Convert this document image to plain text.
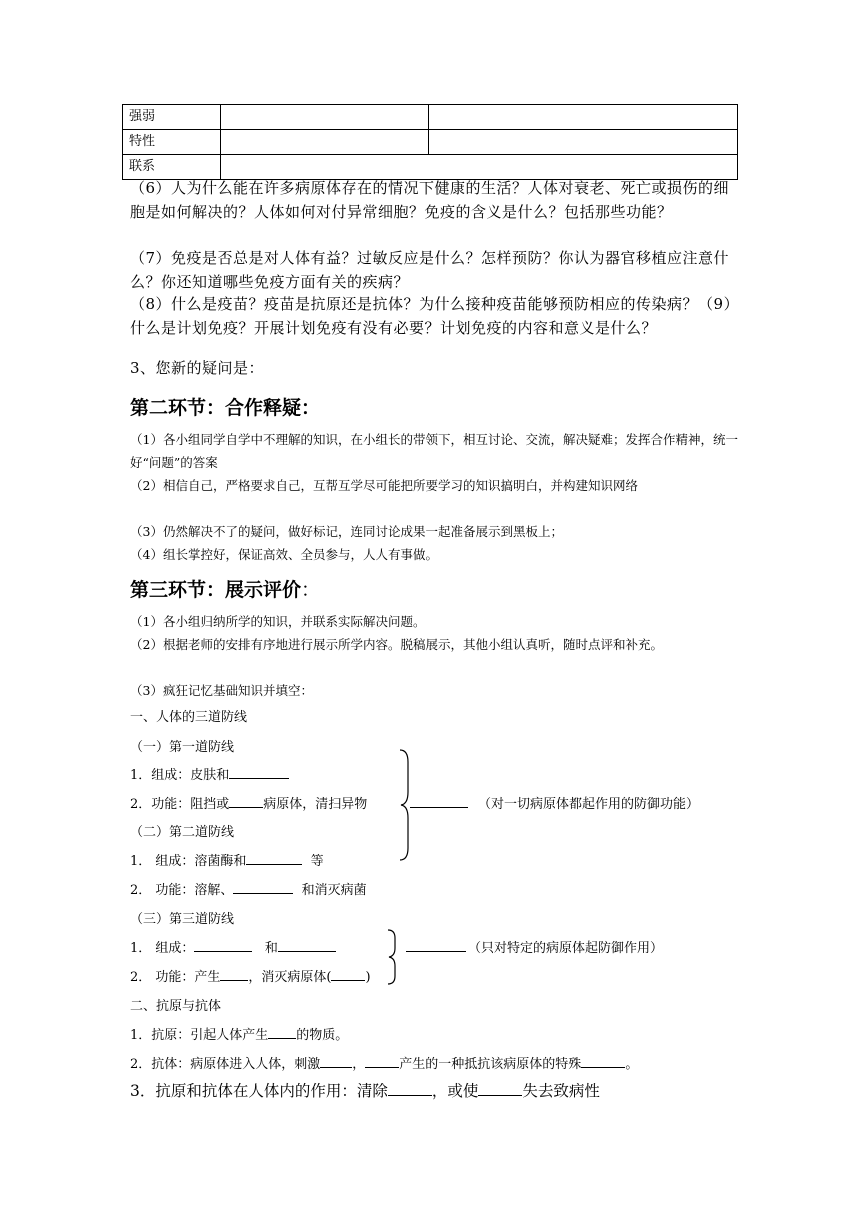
强弱		
特性		
联系		
（6）人为什么能在许多病原体存在的情况下健康的生活？人体对衰老、死亡或损伤的细胞是如何解决的？人体如何对付异常细胞？免疫的含义是什么？包括那些功能？
（7）免疫是否总是对人体有益？过敏反应是什么？怎样预防？你认为器官移植应注意什么？你还知道哪些免疫方面有关的疾病？
（8）什么是疫苗？疫苗是抗原还是抗体？为什么接种疫苗能够预防相应的传染病？（9）什么是计划免疫？开展计划免疫有没有必要？计划免疫的内容和意义是什么？
3、您新的疑问是：
第二环节：合作释疑：
（1）各小组同学自学中不理解的知识，在小组长的带领下，相互讨论、交流，解决疑难；发挥合作精神，统一好“问题”的答案
（2）相信自己，严格要求自己，互帮互学尽可能把所要学习的知识搞明白，并构建知识网络
（3）仍然解决不了的疑问，做好标记，连同讨论成果一起准备展示到黑板上；
（4）组长掌控好，保证高效、全员参与，人人有事做。
第三环节：展示评价：
（1）各小组归纳所学的知识，并联系实际解决问题。
（2）根据老师的安排有序地进行展示所学内容。脱稿展示，其他小组认真听，随时点评和补充。
（3）疯狂记忆基础知识并填空：
一、人体的三道防线
（一）第一道防线
1．组成：皮肤和
2．功能：阻挡或	病原体，清扫异物
（二）第二道防线
1． 组成：溶菌酶和	等
2． 功能：溶解、	和消灭病菌
（对一切病原体都起作用的防御功能）
（三）第三道防线
1． 组成：	和
2． 功能：产生 ，消灭病原体(	)
（只对特定的病原体起防御作用）
二、抗原与抗体
1．抗原：引起人体产生 的物质。
2．抗体：病原体进入人体，刺激 ，	产生的一种抵抗该病原体的特殊	。
3．抗原和抗体在人体内的作用：清除	，或使	失去致病性
